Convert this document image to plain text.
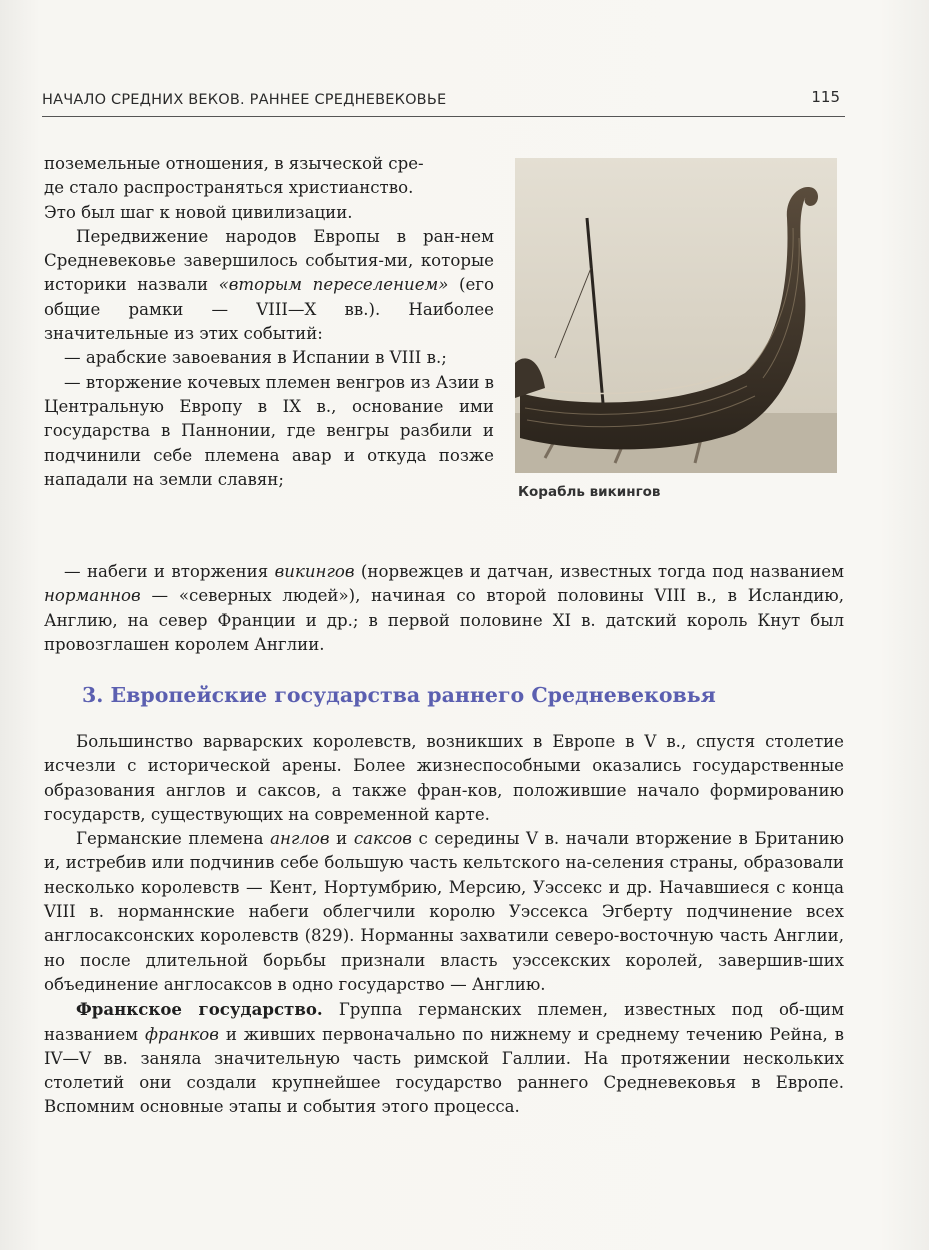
НАЧАЛО СРЕДНИХ ВЕКОВ. РАННЕЕ СРЕДНЕВЕКОВЬЕ	115

поземельные отношения, в языческой сре-

де стало распространяться христианство.

Это был шаг к новой цивилизации.

Передвижение народов Европы в ран-нем Средневековье завершилось события-ми, которые историки назвали «вторым переселением» (его общие рамки — VIII—X вв.). Наиболее значительные из этих событий:

— арабские завоевания в Испании в VIII в.;

— вторжение кочевых племен венгров из Азии в Центральную Европу в IX в., основание ими государства в Паннонии, где венгры разбили и подчинили себе племена авар и откуда позже нападали на земли славян;

Корабль викингов

— набеги и вторжения викингов (норвежцев и датчан, известных тогда под названием норманнов — «северных людей»), начиная со второй половины VIII в., в Исландию, Англию, на север Франции и др.; в первой половине XI в. датский король Кнут был провозглашен королем Англии.

3. Европейские государства раннего Средневековья

Большинство варварских королевств, возникших в Европе в V в., спустя столетие исчезли с исторической арены. Более жизнеспособными оказались государственные образования англов и саксов, а также фран-ков, положившие начало формированию государств, существующих на современной карте.

Германские племена англов и саксов с середины V в. начали вторжение в Британию и, истребив или подчинив себе большую часть кельтского на-селения страны, образовали несколько королевств — Кент, Нортумбрию, Мерсию, Уэссекс и др. Начавшиеся с конца VIII в. норманнские набеги облегчили королю Уэссекса Эгберту подчинение всех англосаксонских королевств (829). Норманны захватили северо-восточную часть Англии, но после длительной борьбы признали власть уэссекских королей, завершив-ших объединение англосаксов в одно государство — Англию.

Франкское государство. Группа германских племен, известных под об-щим названием франков и живших первоначально по нижнему и среднему течению Рейна, в IV—V вв. заняла значительную часть римской Галлии. На протяжении нескольких столетий они создали крупнейшее государство раннего Средневековья в Европе. Вспомним основные этапы и события этого процесса.
